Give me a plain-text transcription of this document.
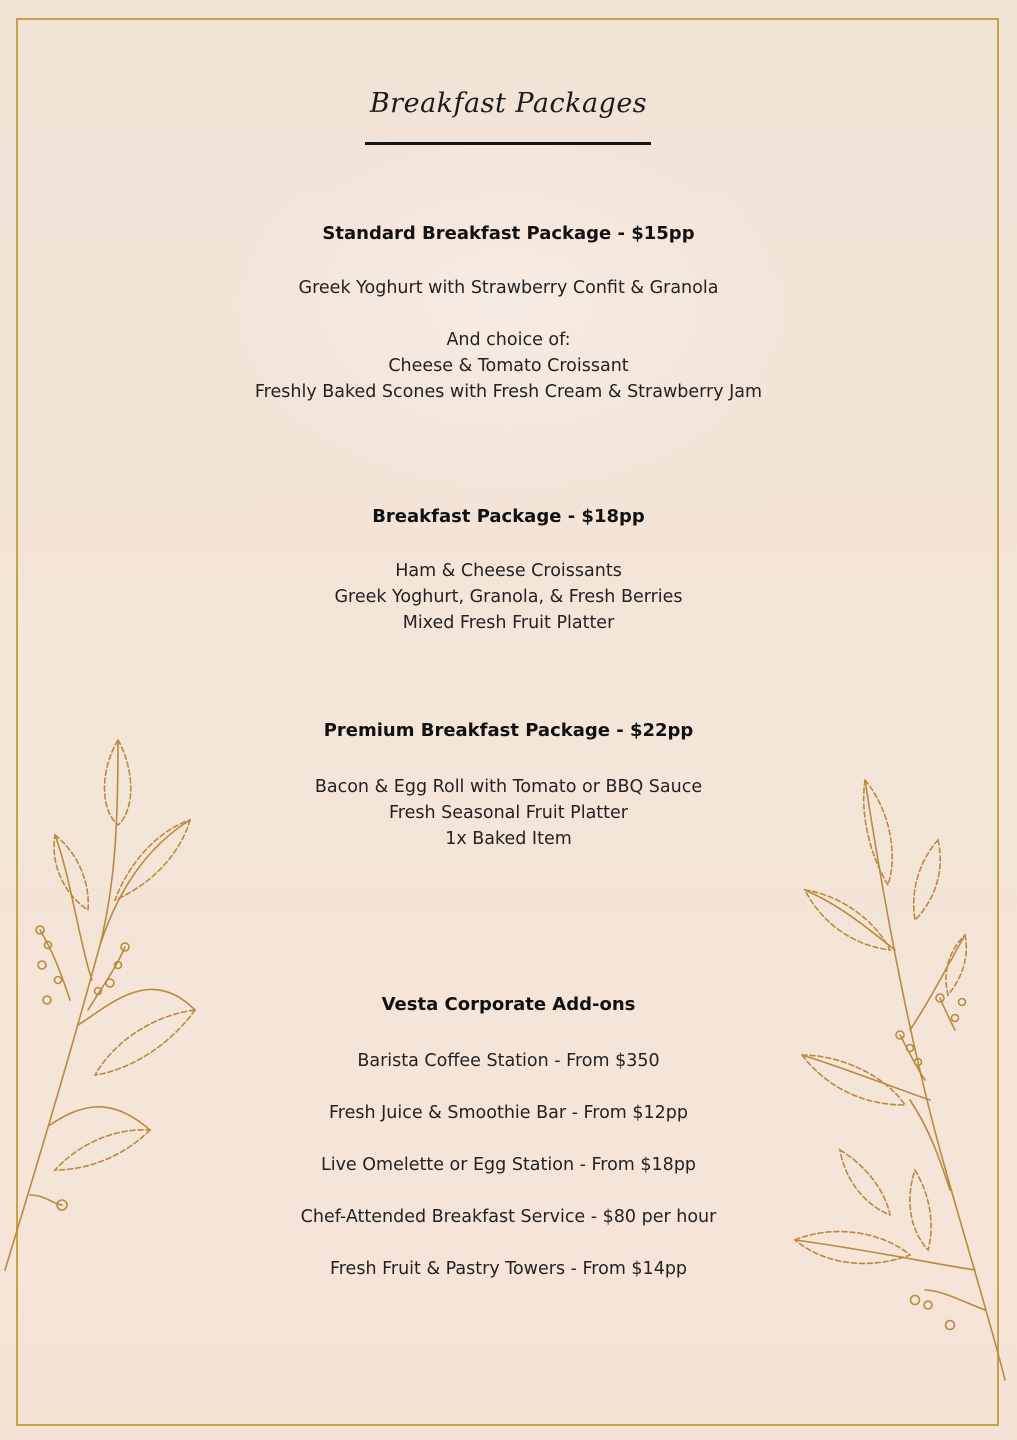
Breakfast Packages
Standard Breakfast Package - $15pp
Greek Yoghurt with Strawberry Confit & Granola
And choice of:
Cheese & Tomato Croissant
Freshly Baked Scones with Fresh Cream & Strawberry Jam
Breakfast Package - $18pp
Ham & Cheese Croissants
Greek Yoghurt, Granola, & Fresh Berries
Mixed Fresh Fruit Platter
Premium Breakfast Package - $22pp
Bacon & Egg Roll with Tomato or BBQ Sauce
Fresh Seasonal Fruit Platter
1x Baked Item
Vesta Corporate Add-ons
Barista Coffee Station - From $350
Fresh Juice & Smoothie Bar - From $12pp
Live Omelette or Egg Station - From $18pp
Chef-Attended Breakfast Service - $80 per hour
Fresh Fruit & Pastry Towers - From $14pp
